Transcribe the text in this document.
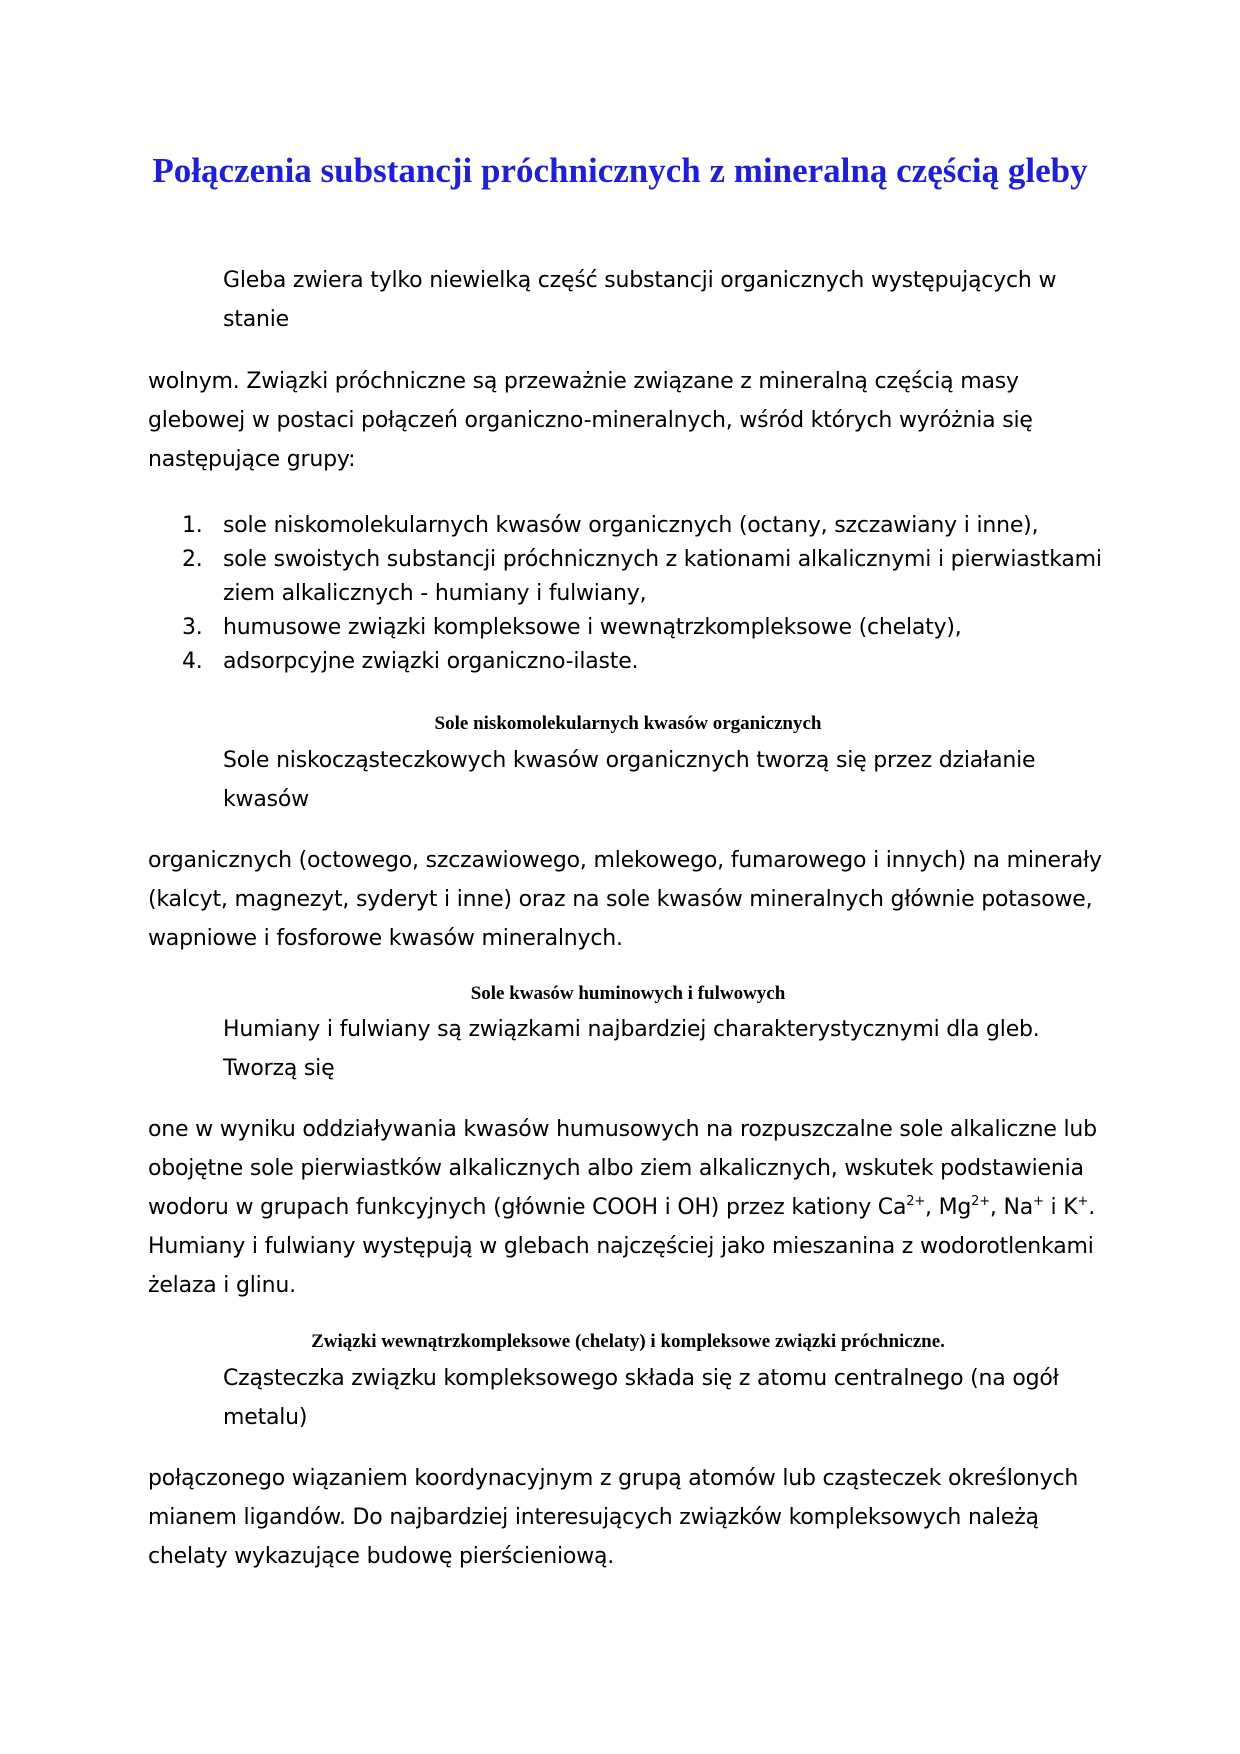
Połączenia substancji próchnicznych z mineralną częścią gleby

Gleba zwiera tylko niewielką część substancji organicznych występujących w stanie

wolnym. Związki próchniczne są przeważnie związane z mineralną częścią masy glebowej w postaci połączeń organiczno-mineralnych, wśród których wyróżnia się następujące grupy:

1. sole niskomolekularnych kwasów organicznych (octany, szczawiany i inne),
2. sole swoistych substancji próchnicznych z kationami alkalicznymi i pierwiastkami ziem alkalicznych - humiany i fulwiany,
3. humusowe związki kompleksowe i wewnątrzkompleksowe (chelaty),
4. adsorpcyjne związki organiczno-ilaste.
Sole niskomolekularnych kwasów organicznych

Sole niskocząsteczkowych kwasów organicznych tworzą się przez działanie kwasów

organicznych (octowego, szczawiowego, mlekowego, fumarowego i innych) na minerały (kalcyt, magnezyt, syderyt i inne) oraz na sole kwasów mineralnych głównie potasowe, wapniowe i fosforowe kwasów mineralnych.

Sole kwasów huminowych i fulwowych

Humiany i fulwiany są związkami najbardziej charakterystycznymi dla gleb. Tworzą się

one w wyniku oddziaływania kwasów humusowych na rozpuszczalne sole alkaliczne lub obojętne sole pierwiastków alkalicznych albo ziem alkalicznych, wskutek podstawienia wodoru w grupach funkcyjnych (głównie COOH i OH) przez kationy $Ca^{2+}$, $Mg^{2+}$, Na+ i K+. Humiany i fulwiany występują w glebach najczęściej jako mieszanina z wodorotlenkami żelaza i glinu.

Związki wewnątrzkompleksowe (chelaty) i kompleksowe związki próchniczne.

Cząsteczka związku kompleksowego składa się z atomu centralnego (na ogół metalu)

połączonego wiązaniem koordynacyjnym z grupą atomów lub cząsteczek określonych mianem ligandów. Do najbardziej interesujących związków kompleksowych należą chelaty wykazujące budowę pierścieniową.
